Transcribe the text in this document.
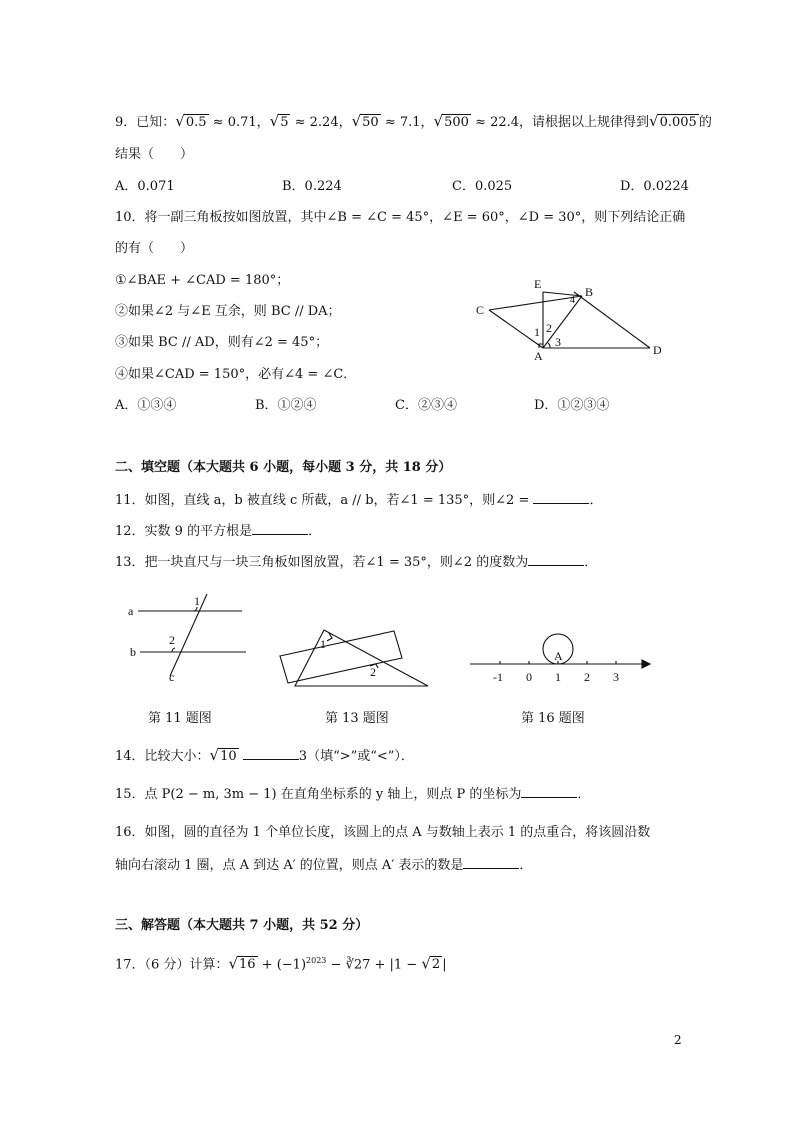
9．已知：√0.5 ≈ 0.71，√5 ≈ 2.24，√50 ≈ 7.1，√500 ≈ 22.4，请根据以上规律得到√0.005 的
结果（　　）
A．0.071	B．0.224	C．0.025	D．0.0224
10．将一副三角板按如图放置，其中∠B = ∠C = 45°，∠E = 60°，∠D = 30°，则下列结论正确
的有（　　）
①∠BAE + ∠CAD = 180°；
②如果∠2 与∠E 互余，则 BC // DA；
③如果 BC // AD，则有∠2 = 45°；
④如果∠CAD = 150°，必有∠4 = ∠C．
A．①③④	B．①②④	C．②③④	D．①②③④
E
B
C
D
A
1 2
3
4
二、填空题（本大题共 6 小题，每小题 3 分，共 18 分）
11．如图，直线 a，b 被直线 c 所截，a // b，若∠1 = 135°，则∠2 =	．
12．实数 9 的平方根是	．
13．把一块直尺与一块三角板如图放置，若∠1 = 35°，则∠2 的度数为	．
a
b
c
1
2
第 11 题图
1
2
第 13 题图
A
-1 0 1 2 3
第 16 题图
14．比较大小：√10	3（填“>”或“<”）．
15．点 P(2 − m, 3m − 1) 在直角坐标系的 y 轴上，则点 P 的坐标为	．
16．如图，圆的直径为 1 个单位长度，该圆上的点 A 与数轴上表示 1 的点重合，将该圆沿数
轴向右滚动 1 圈，点 A 到达 A′ 的位置，则点 A′ 表示的数是	．
三、解答题（本大题共 7 小题，共 52 分）
17．（6 分）计算：$√16 + (-1)^{2023}$ − ∛27 + |1 − √2 |
2
